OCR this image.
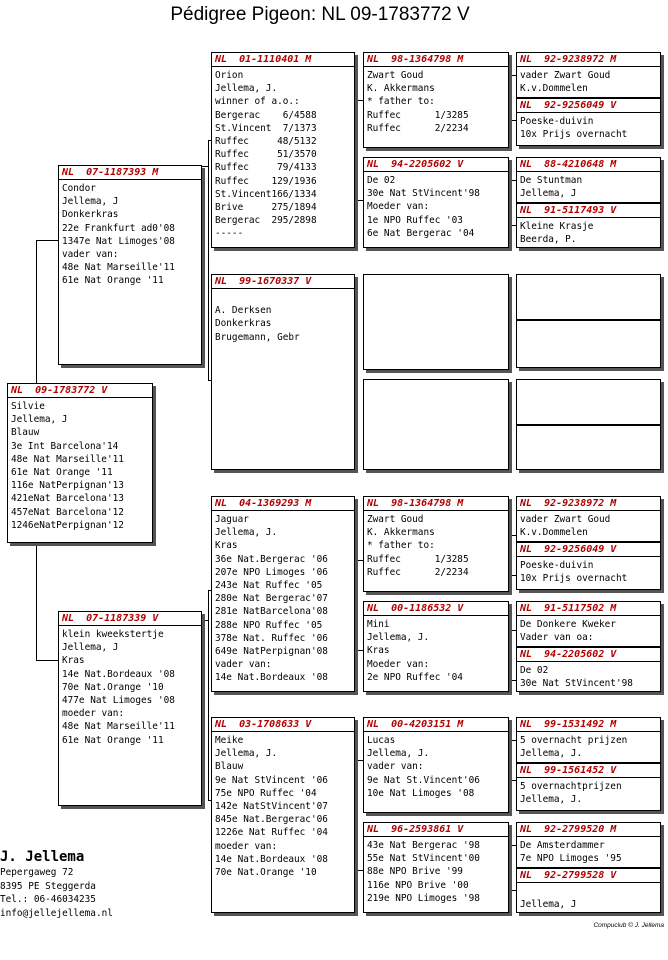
Pédigree Pigeon: NL 09-1783772 V
NL  09-1783772 V
Silvie
Jellema, J
Blauw
3e Int Barcelona'14
48e Nat Marseille'11
61e Nat Orange '11
116e NatPerpignan'13
421eNat Barcelona'13
457eNat Barcelona'12
1246eNatPerpignan'12
NL  07-1187393 M
Condor
Jellema, J
Donkerkras
22e Frankfurt ad0'08
1347e Nat Limoges'08
vader van:
48e Nat Marseille'11
61e Nat Orange '11
NL  07-1187339 V
klein kweekstertje
Jellema, J
Kras
14e Nat.Bordeaux '08
70e Nat.Orange '10
477e Nat Limoges '08
moeder van:
48e Nat Marseille'11
61e Nat Orange '11
NL  01-1110401 M
Orion
Jellema, J.
winner of a.o.:
Bergerac    6/4588
St.Vincent  7/1373
Ruffec     48/5132
Ruffec     51/3570
Ruffec     79/4133
Ruffec    129/1936
St.Vincent166/1334
Brive     275/1894
Bergerac  295/2898
-----
NL  99-1670337 V
A. Derksen
Donkerkras
Brugemann, Gebr
NL  04-1369293 M
Jaguar
Jellema, J.
Kras
36e Nat.Bergerac '06
207e NPO Limoges '06
243e Nat Ruffec '05
280e Nat Bergerac'07
281e NatBarcelona'08
288e NPO Ruffec '05
378e Nat. Ruffec '06
649e NatPerpignan'08
vader van:
14e Nat.Bordeaux '08
NL  03-1708633 V
Meike
Jellema, J.
Blauw
9e Nat StVincent '06
75e NPO Ruffec '04
142e NatStVincent'07
845e Nat.Bergerac'06
1226e Nat Ruffec '04
moeder van:
14e Nat.Bordeaux '08
70e Nat.Orange '10
NL  98-1364798 M
Zwart Goud
K. Akkermans
* father to:
Ruffec      1/3285
Ruffec      2/2234
NL  94-2205602 V
De 02
30e Nat StVincent'98
Moeder van:
1e NPO Ruffec '03
6e Nat Bergerac '04
NL  98-1364798 M
Zwart Goud
K. Akkermans
* father to:
Ruffec      1/3285
Ruffec      2/2234
NL  00-1186532 V
Mini
Jellema, J.
Kras
Moeder van:
2e NPO Ruffec '04
NL  00-4203151 M
Lucas
Jellema, J.
vader van:
9e Nat St.Vincent'06
10e Nat Limoges '08
NL  96-2593861 V
43e Nat Bergerac '98
55e Nat StVincent'00
88e NPO Brive '99
116e NPO Brive '00
219e NPO Limoges '98
NL  92-9238972 M
vader Zwart Goud
K.v.Dommelen
NL  92-9256049 V
Poeske-duivin
10x Prijs overnacht
NL  88-4210648 M
De Stuntman
Jellema, J
NL  91-5117493 V
Kleine Krasje
Beerda, P.
NL  92-9238972 M
vader Zwart Goud
K.v.Dommelen
NL  92-9256049 V
Poeske-duivin
10x Prijs overnacht
NL  91-5117502 M
De Donkere Kweker
Vader van oa:
NL  94-2205602 V
De 02
30e Nat StVincent'98
NL  99-1531492 M
5 overnacht prijzen
Jellema, J.
NL  99-1561452 V
5 overnachtprijzen
Jellema, J.
NL  92-2799520 M
De Amsterdammer
7e NPO Limoges '95
NL  92-2799528 V
Jellema, J
J. Jellema
Pepergaweg 72
8395 PE Steggerda
Tel.: 06-46034235
info@jellejellema.nl
Compuclub © J. Jellema
